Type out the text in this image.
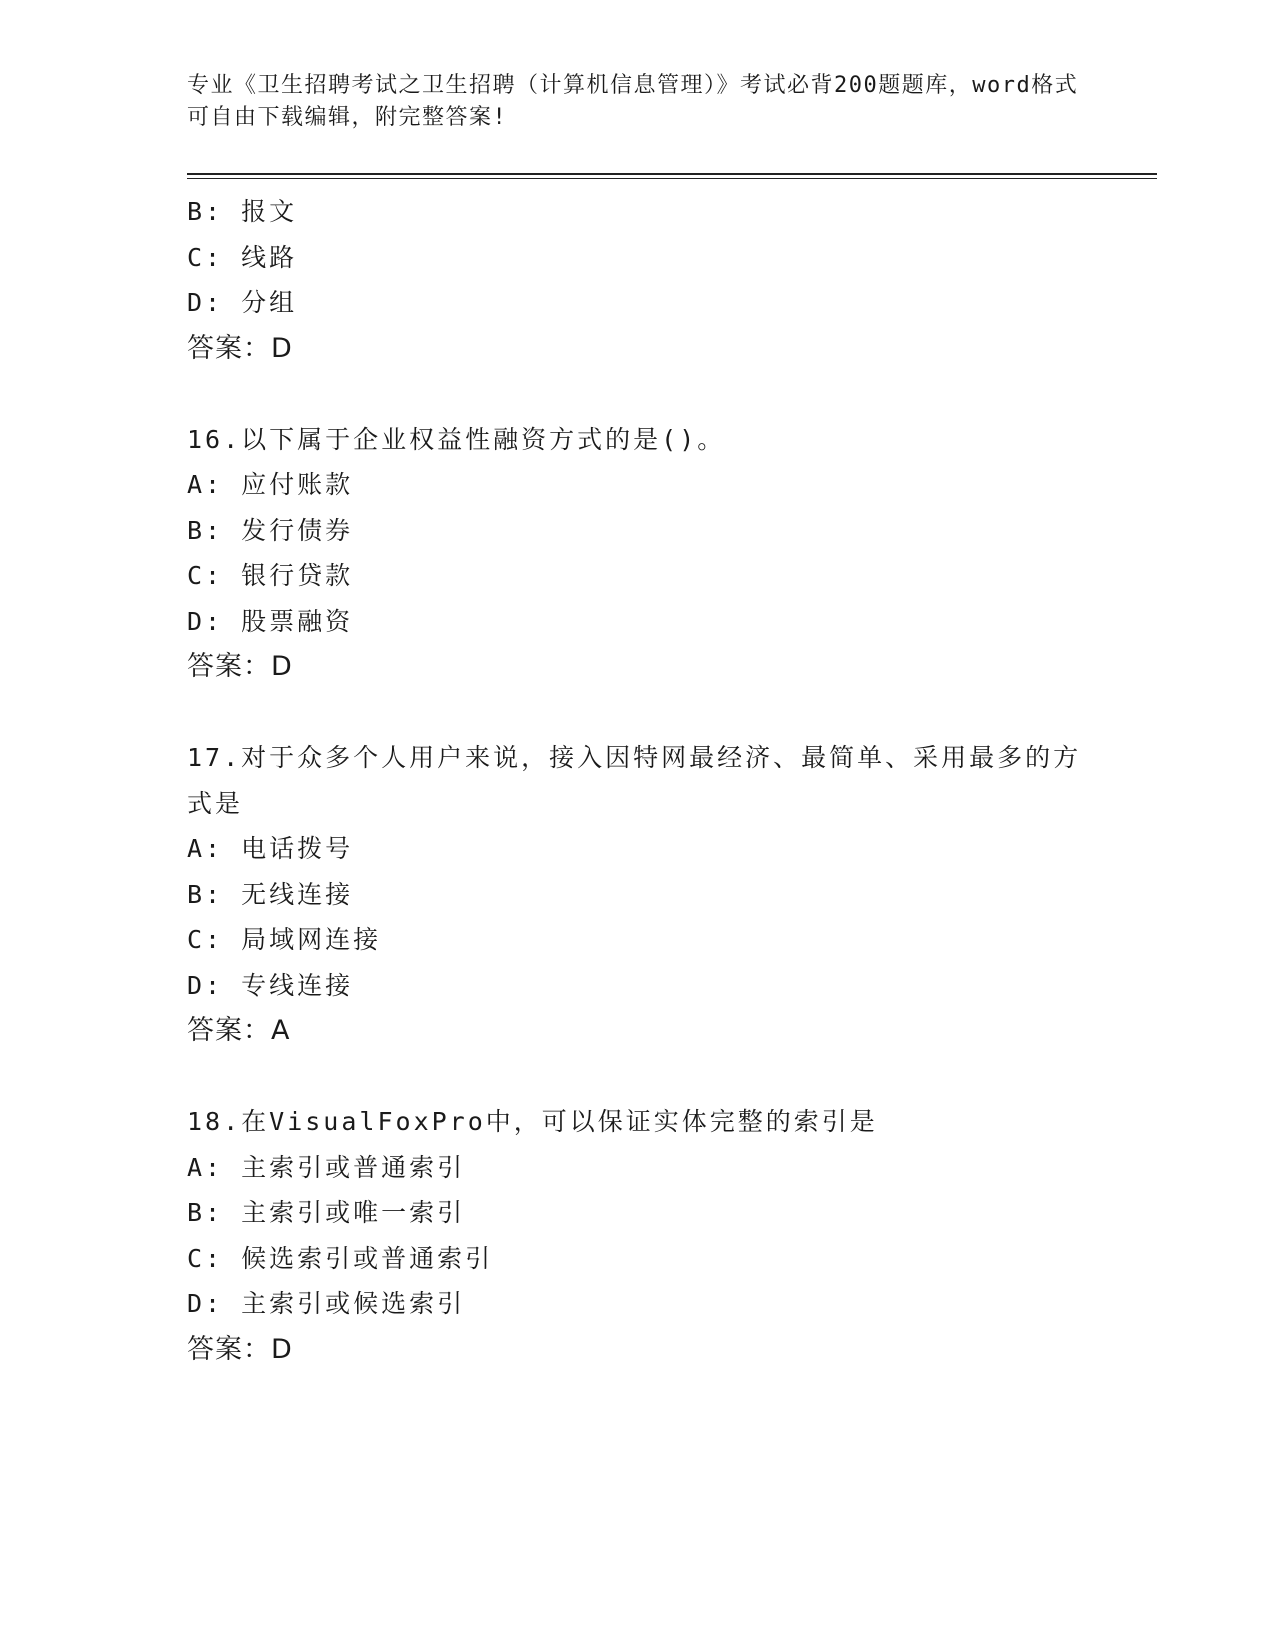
专业《卫生招聘考试之卫生招聘（计算机信息管理）》考试必背200题题库，word格式可自由下载编辑，附完整答案!

B: 报文
C: 线路
D: 分组
答案：D
16.以下属于企业权益性融资方式的是()。
A: 应付账款
B: 发行债券
C: 银行贷款
D: 股票融资
答案：D
17.对于众多个人用户来说，接入因特网最经济、最简单、采用最多的方式是
A: 电话拨号
B: 无线连接
C: 局域网连接
D: 专线连接
答案：A
18.在VisualFoxPro中，可以保证实体完整的索引是
A: 主索引或普通索引
B: 主索引或唯一索引
C: 候选索引或普通索引
D: 主索引或候选索引
答案：D
